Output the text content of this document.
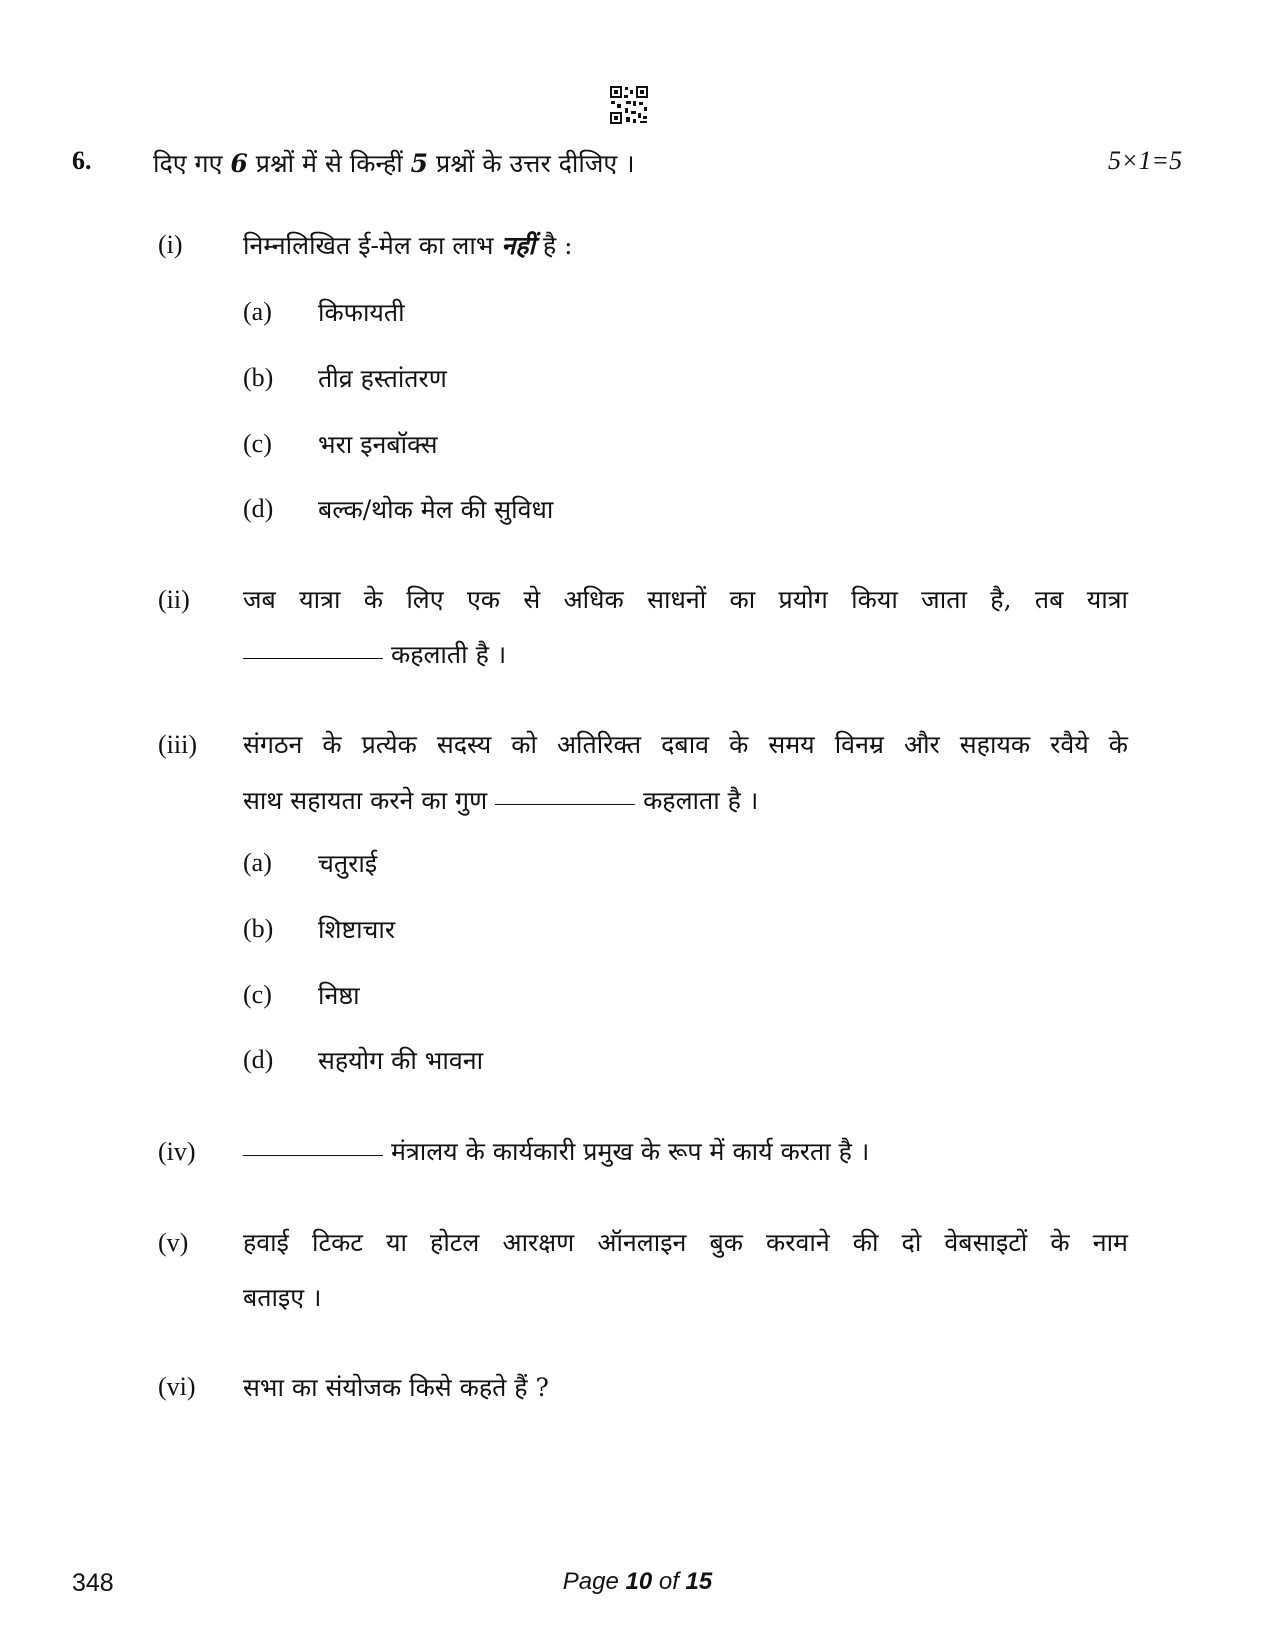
6. दिए गए 6 प्रश्नों में से किन्हीं 5 प्रश्नों के उत्तर दीजिए ।	5×1=5
(i) निम्नलिखित ई-मेल का लाभ नहीं है :
(a) किफायती
(b) तीव्र हस्तांतरण
(c) भरा इनबॉक्स
(d) बल्क/थोक मेल की सुविधा
(ii) जब यात्रा के लिए एक से अधिक साधनों का प्रयोग किया जाता है, तब यात्रा
कहलाती है ।
(iii) संगठन के प्रत्येक सदस्य को अतिरिक्त दबाव के समय विनम्र और सहायक रवैये के
साथ सहायता करने का गुण	कहलाता है ।
(a) चतुराई
(b) शिष्टाचार
(c) निष्ठा
(d) सहयोग की भावना
(iv)	मंत्रालय के कार्यकारी प्रमुख के रूप में कार्य करता है ।
(v) हवाई टिकट या होटल आरक्षण ऑनलाइन बुक करवाने की दो वेबसाइटों के नाम
बताइए ।
(vi) सभा का संयोजक किसे कहते हैं ?
348	Page 10 of 15
